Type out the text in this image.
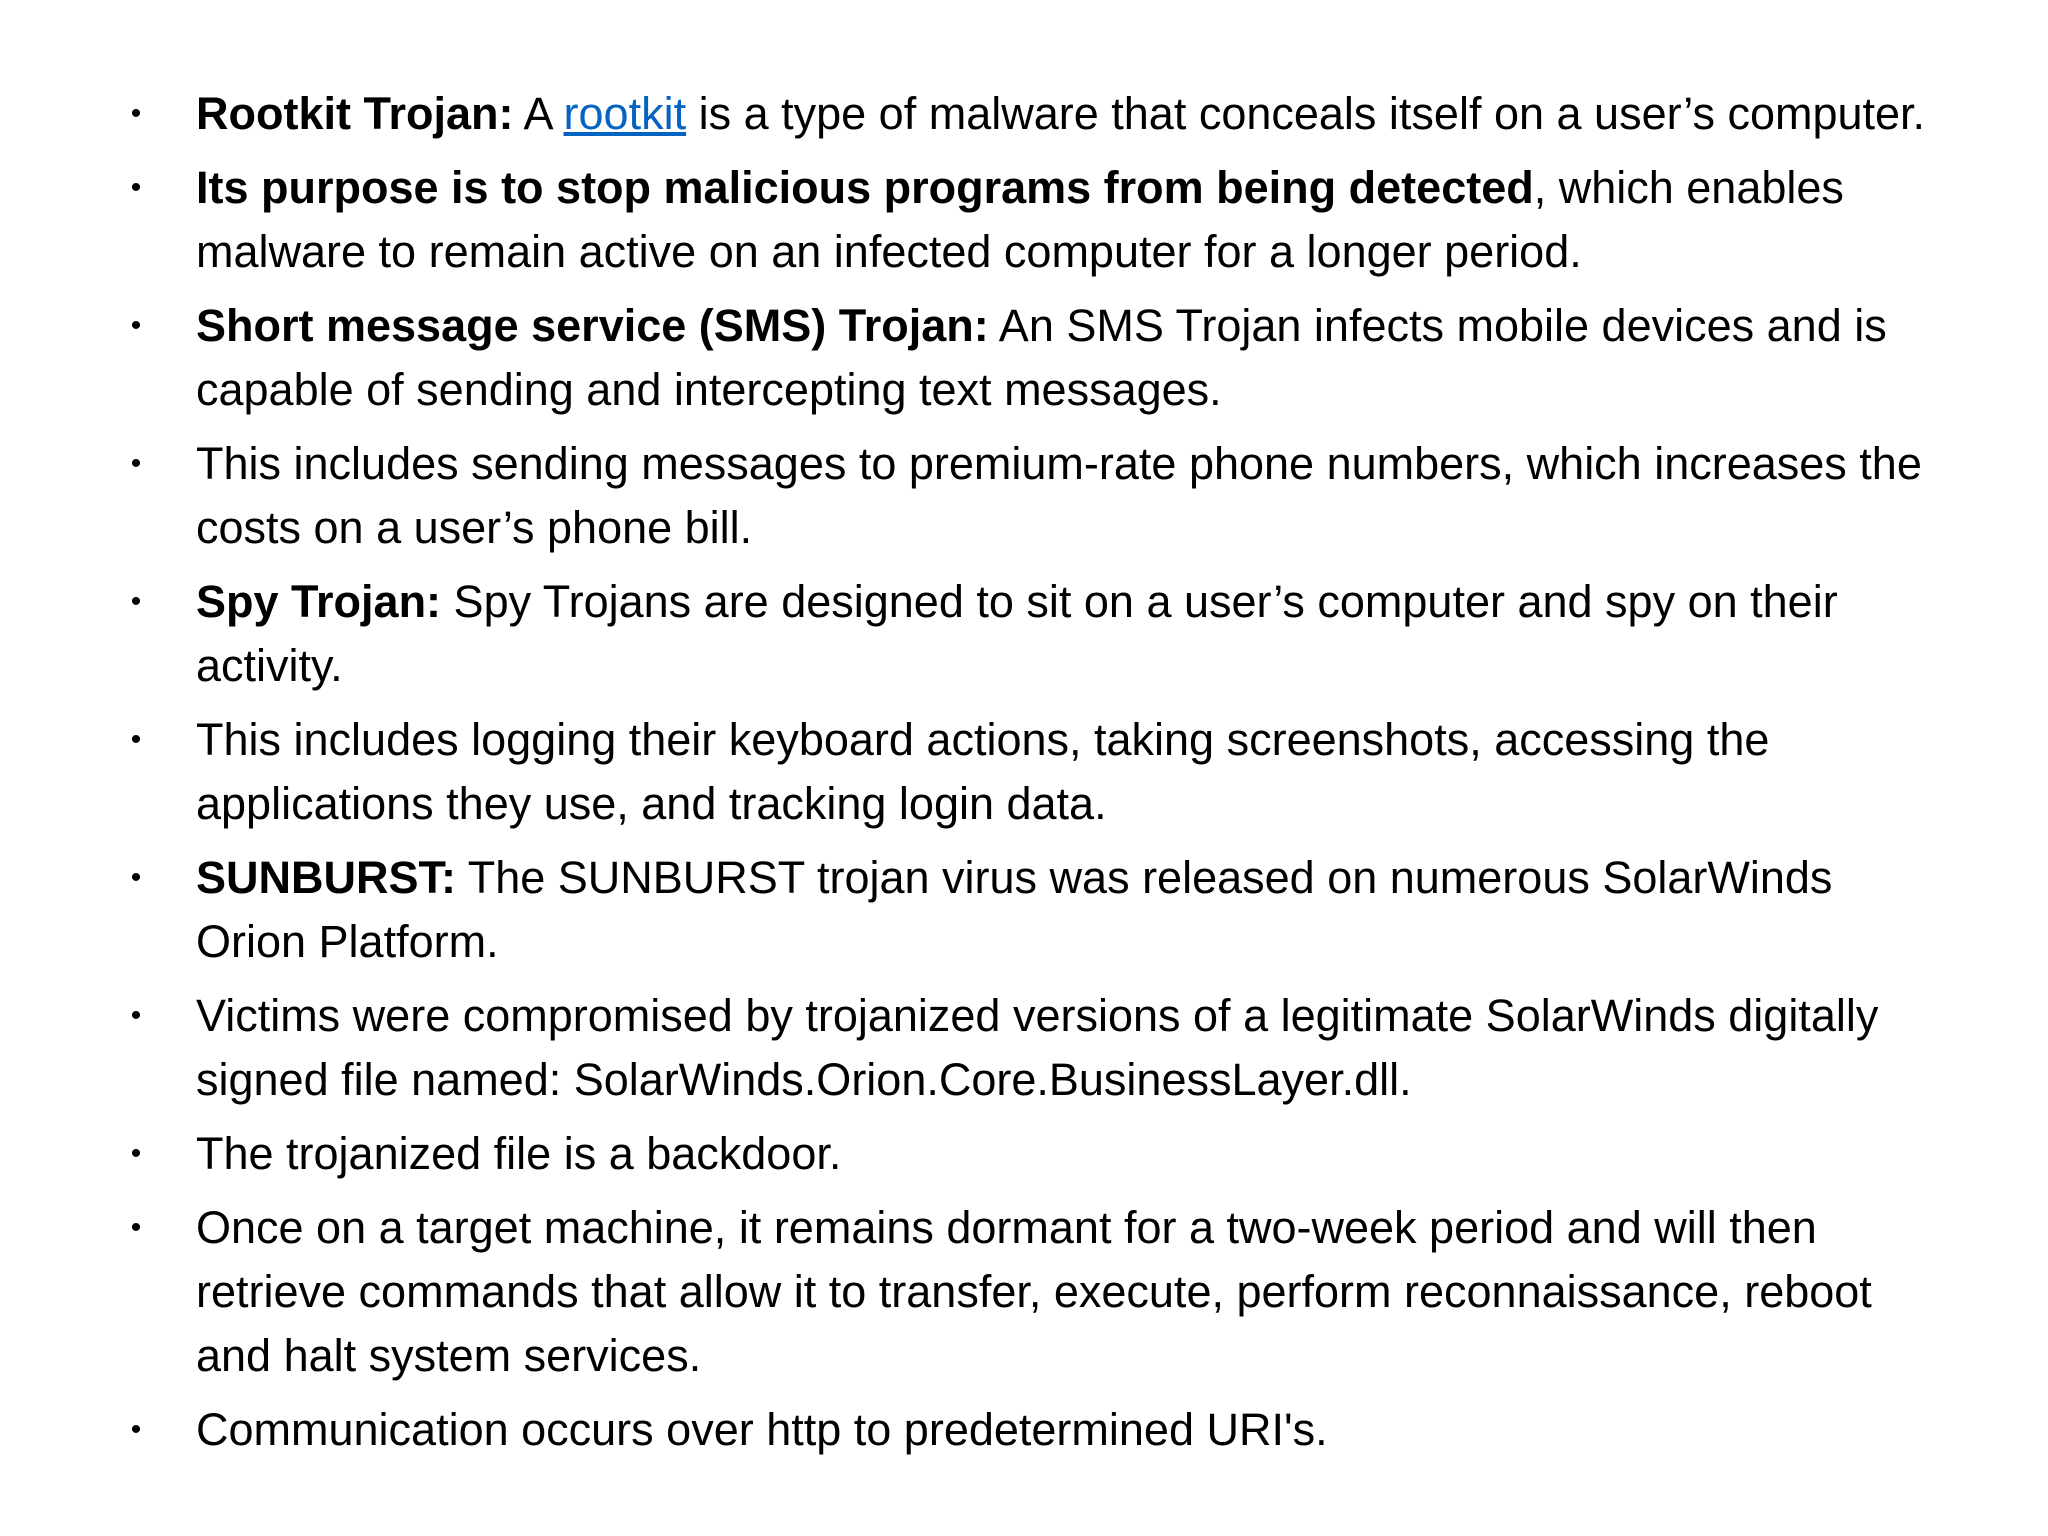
• Rootkit Trojan: A rootkit is a type of malware that conceals itself on a user’s computer.
• Its purpose is to stop malicious programs from being detected, which enables malware to remain active on an infected computer for a longer period.
• Short message service (SMS) Trojan: An SMS Trojan infects mobile devices and is capable of sending and intercepting text messages.
• This includes sending messages to premium-rate phone numbers, which increases the costs on a user’s phone bill.
• Spy Trojan: Spy Trojans are designed to sit on a user’s computer and spy on their activity.
• This includes logging their keyboard actions, taking screenshots, accessing the applications they use, and tracking login data.
• SUNBURST: The SUNBURST trojan virus was released on numerous SolarWinds Orion Platform.
• Victims were compromised by trojanized versions of a legitimate SolarWinds digitally signed file named: SolarWinds.Orion.Core.BusinessLayer.dll.
• The trojanized file is a backdoor.
• Once on a target machine, it remains dormant for a two-week period and will then retrieve commands that allow it to transfer, execute, perform reconnaissance, reboot and halt system services.
• Communication occurs over http to predetermined URI's.
